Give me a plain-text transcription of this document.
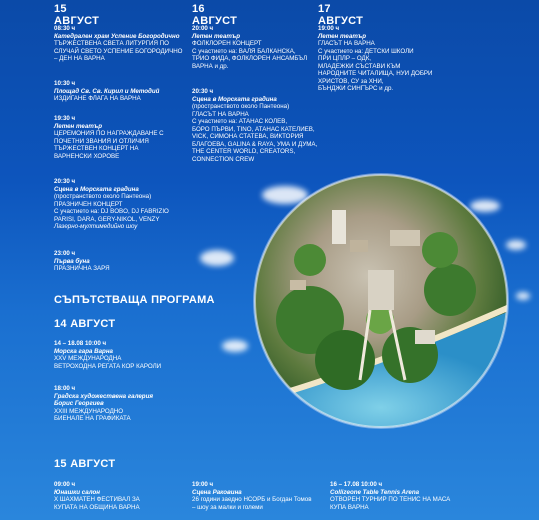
15 АВГУСТ
08:30 ч
Катедрален храм Успение Богородично
ТЪРЖЕСТВЕНА СВЕТА ЛИТУРГИЯ ПО
СЛУЧАЙ СВЕТО УСПЕНИЕ БОГОРОДИЧНО
– ДЕН НА ВАРНА
10:30 ч
Площад Св. Св. Кирил и Методий
ИЗДИГАНЕ ФЛАГА НА ВАРНА
19:30 ч
Летен театър
ЦЕРЕМОНИЯ ПО НАГРАЖДАВАНЕ С
ПОЧЕТНИ ЗВАНИЯ И ОТЛИЧИЯ
ТЪРЖЕСТВЕН КОНЦЕРТ НА
ВАРНЕНСКИ ХОРОВЕ
20:30 ч
Сцена в Морската градина
(пространството около Пантеона)
ПРАЗНИЧЕН КОНЦЕРТ
С участието на: DJ BOBO, DJ FABRIZIO
PARISI, DARA, GERY-NIKOL, VENZY
Лазерно-мултимедийно шоу
23:00 ч
Първа буна
ПРАЗНИЧНА ЗАРЯ
16 АВГУСТ
20:00 ч
Летен театър
ФОЛКЛОРЕН КОНЦЕРТ
С участието на: ВАЛЯ БАЛКАНСКА,
ТРИО ФИДА, ФОЛКЛОРЕН АНСАМБЪЛ
ВАРНА и др.
20:30 ч
Сцена в Морската градина
(пространството около Пантеона)
ГЛАСЪТ НА ВАРНА
С участието на: АТАНАС КОЛЕВ,
БОРО ПЪРВИ, TINO, АТАНАС КАТЕЛИЕВ,
VICK, СИМОНА СТАТЕВА, ВИКТОРИЯ
БЛАГОЕВА, GALINA & RAYA, УМА И ДУМА,
THE CENTER WORLD, CREATORS,
CONNECTION CREW
17 АВГУСТ
19:00 ч
Летен театър
ГЛАСЪТ НА ВАРНА
С участието на: ДЕТСКИ ШКОЛИ
ПРИ ЦПЛР – ОДК,
МЛАДЕЖКИ СЪСТАВИ КЪМ
НАРОДНИТЕ ЧИТАЛИЩА, НУИ ДОБРИ
ХРИСТОВ, СУ за ХНИ,
БЪНДЖИ СИНГЪРС и др.
СЪПЪТСТВАЩА ПРОГРАМА
14 АВГУСТ
14 – 18.08 10:00 ч
Морска гара Варна
XXV МЕЖДУНАРОДНА
ВЕТРОХОДНА РЕГАТА КОР КАРОЛИ
18:00 ч
Градска художествена галерия
Борис Георгиев
XXIII МЕЖДУНАРОДНО
БИЕНАЛЕ НА ГРАФИКАТА
15 АВГУСТ
09:00 ч
Юнашки салон
X ШАХМАТЕН ФЕСТИВАЛ ЗА
КУПАТА НА ОБЩИНА ВАРНА
19:00 ч
Сцена Раковина
26 години заедно НСОРБ и Богдан Томов
– шоу за малки и големи
16 – 17.08 10:00 ч
Collizeone Table Tennis Arena
ОТВОРЕН ТУРНИР ПО ТЕНИС НА МАСА
КУПА ВАРНА
